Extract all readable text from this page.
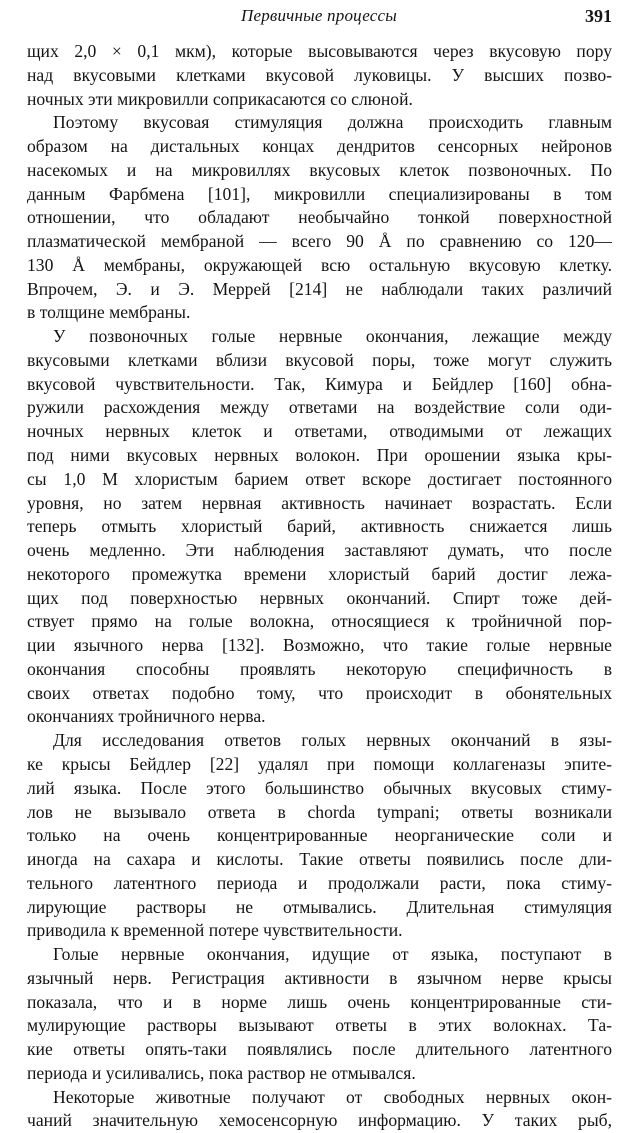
Первичные процессы	391
щих 2,0 × 0,1 мкм), которые высовываются через вкусовую пору
над вкусовыми клетками вкусовой луковицы. У высших позво-
ночных эти микровилли соприкасаются со слюной.
Поэтому вкусовая стимуляция должна происходить главным
образом на дистальных концах дендритов сенсорных нейронов
насекомых и на микровиллях вкусовых клеток позвоночных. По
данным Фарбмена [101], микровилли специализированы в том
отношении, что обладают необычайно тонкой поверхностной
плазматической мембраной — всего 90 Å по сравнению со 120—
130 Å мембраны, окружающей всю остальную вкусовую клетку.
Впрочем, Э. и Э. Меррей [214] не наблюдали таких различий
в толщине мембраны.
У позвоночных голые нервные окончания, лежащие между
вкусовыми клетками вблизи вкусовой поры, тоже могут служить
вкусовой чувствительности. Так, Кимура и Бейдлер [160] обна-
ружили расхождения между ответами на воздействие соли оди-
ночных нервных клеток и ответами, отводимыми от лежащих
под ними вкусовых нервных волокон. При орошении языка кры-
сы 1,0 М хлористым барием ответ вскоре достигает постоянного
уровня, но затем нервная активность начинает возрастать. Если
теперь отмыть хлористый барий, активность снижается лишь
очень медленно. Эти наблюдения заставляют думать, что после
некоторого промежутка времени хлористый барий достиг лежа-
щих под поверхностью нервных окончаний. Спирт тоже дей-
ствует прямо на голые волокна, относящиеся к тройничной пор-
ции язычного нерва [132]. Возможно, что такие голые нервные
окончания способны проявлять некоторую специфичность в
своих ответах подобно тому, что происходит в обонятельных
окончаниях тройничного нерва.
Для исследования ответов голых нервных окончаний в язы-
ке крысы Бейдлер [22] удалял при помощи коллагеназы эпите-
лий языка. После этого большинство обычных вкусовых стиму-
лов не вызывало ответа в chorda tympani; ответы возникали
только на очень концентрированные неорганические соли и
иногда на сахара и кислоты. Такие ответы появились после дли-
тельного латентного периода и продолжали расти, пока стиму-
лирующие растворы не отмывались. Длительная стимуляция
приводила к временной потере чувствительности.
Голые нервные окончания, идущие от языка, поступают в
язычный нерв. Регистрация активности в язычном нерве крысы
показала, что и в норме лишь очень концентрированные сти-
мулирующие растворы вызывают ответы в этих волокнах. Та-
кие ответы опять-таки появлялись после длительного латентного
периода и усиливались, пока раствор не отмывался.
Некоторые животные получают от свободных нервных окон-
чаний значительную хемосенсорную информацию. У таких рыб,
